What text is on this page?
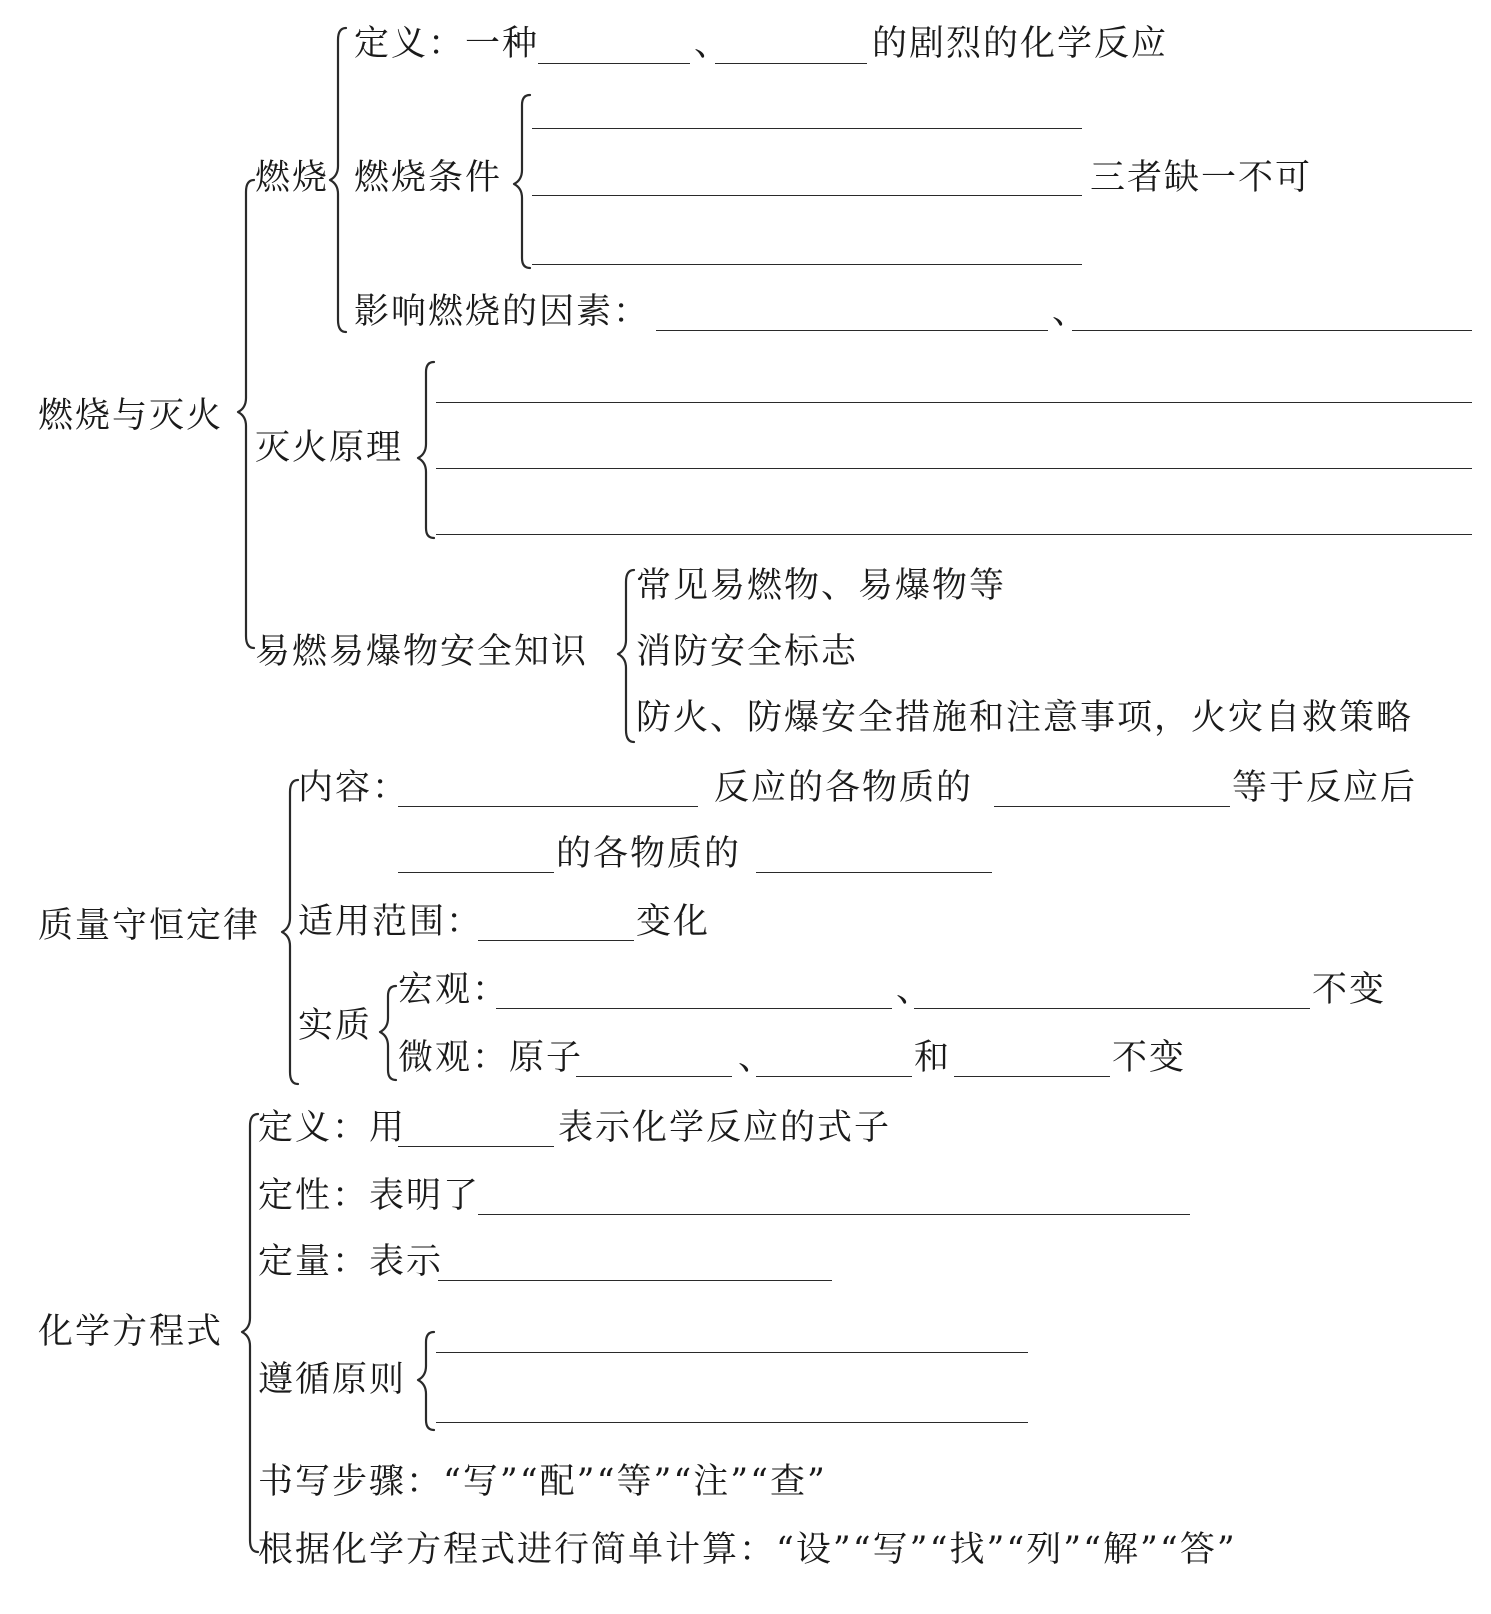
燃烧与灭火
燃烧
定义：一种	、	的剧烈的化学反应
燃烧条件	三者缺一不可
影响燃烧的因素：	、
灭火原理
易燃易爆物安全知识
常见易燃物、易爆物等
消防安全标志
防火、防爆安全措施和注意事项，火灾自救策略
质量守恒定律
内容：	反应的各物质的	等于反应后
的各物质的
适用范围：	变化
实质
宏观：	、	不变
微观：原子	、	和	不变
化学方程式
定义：用	表示化学反应的式子
定性：表明了
定量：表示
遵循原则
书写步骤：“写”“配”“等”“注”“查”
根据化学方程式进行简单计算：“设”“写”“找”“列”“解”“答”
